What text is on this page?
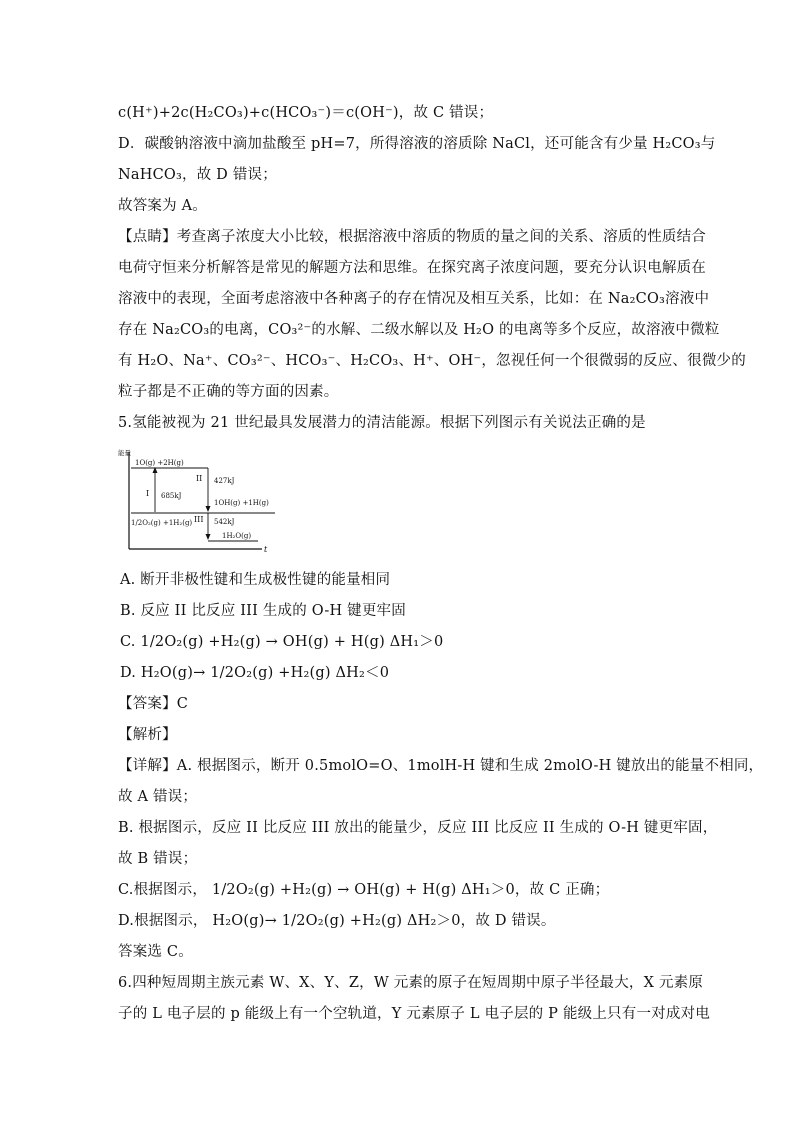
c(H⁺)+2c(H₂CO₃)+c(HCO₃⁻)＝c(OH⁻)，故 C 错误；
D．碳酸钠溶液中滴加盐酸至 pH=7，所得溶液的溶质除 NaCl，还可能含有少量 H₂CO₃与
NaHCO₃，故 D 错误；
故答案为 A。
【点睛】考查离子浓度大小比较，根据溶液中溶质的物质的量之间的关系、溶质的性质结合
电荷守恒来分析解答是常见的解题方法和思维。在探究离子浓度问题，要充分认识电解质在
溶液中的表现，全面考虑溶液中各种离子的存在情况及相互关系，比如：在 Na₂CO₃溶液中
存在 Na₂CO₃的电离，CO₃²⁻的水解、二级水解以及 H₂O 的电离等多个反应，故溶液中微粒
有 H₂O、Na⁺、CO₃²⁻、HCO₃⁻、H₂CO₃、H⁺、OH⁻，忽视任何一个很微弱的反应、很微少的
粒子都是不正确的等方面的因素。
5.氢能被视为 21 世纪最具发展潜力的清洁能源。根据下列图示有关说法正确的是
能量
t
1O(g) +2H(g)
1OH(g) +1H(g)
1/2O₂(g) +1H₂(g)
1H₂O(g)
I 685kJ
II 427kJ
III 542kJ
A. 断开非极性键和生成极性键的能量相同
B. 反应 II 比反应 III 生成的 O-H 键更牢固
C. 1/2O₂(g) +H₂(g) → OH(g) + H(g) ΔH₁＞0
D. H₂O(g)→ 1/2O₂(g) +H₂(g) ΔH₂＜0
【答案】C
【解析】
【详解】A. 根据图示，断开 0.5molO=O、1molH-H 键和生成 2molO-H 键放出的能量不相同，
故 A 错误；
B. 根据图示，反应 II 比反应 III 放出的能量少，反应 III 比反应 II 生成的 O-H 键更牢固，
故 B 错误；
C.根据图示， 1/2O₂(g) +H₂(g) → OH(g) + H(g) ΔH₁＞0，故 C 正确；
D.根据图示， H₂O(g)→ 1/2O₂(g) +H₂(g) ΔH₂＞0，故 D 错误。
答案选 C。
6.四种短周期主族元素 W、X、Y、Z，W 元素的原子在短周期中原子半径最大，X 元素原
子的 L 电子层的 p 能级上有一个空轨道，Y 元素原子 L 电子层的 P 能级上只有一对成对电
